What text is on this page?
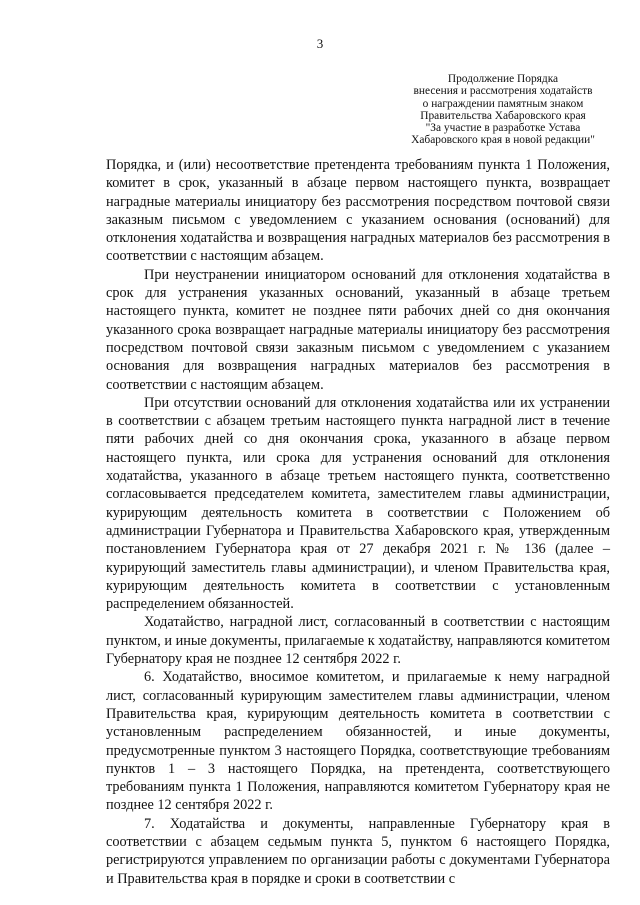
3
Продолжение Порядка
внесения и рассмотрения ходатайств
о награждении памятным знаком
Правительства Хабаровского края
"За участие в разработке Устава
Хабаровского края в новой редакции"

Порядка, и (или) несоответствие претендента требованиям пункта 1 Положения, комитет в срок, указанный в абзаце первом настоящего пункта, возвращает наградные материалы инициатору без рассмотрения посредством почтовой связи заказным письмом с уведомлением с указанием основания (оснований) для отклонения ходатайства и возвращения наградных материалов без рассмотрения в соответствии с настоящим абзацем.

При неустранении инициатором оснований для отклонения ходатайства в срок для устранения указанных оснований, указанный в абзаце третьем настоящего пункта, комитет не позднее пяти рабочих дней со дня окончания указанного срока возвращает наградные материалы инициатору без рассмотрения посредством почтовой связи заказным письмом с уведомлением с указанием основания для возвращения наградных материалов без рассмотрения в соответствии с настоящим абзацем.

При отсутствии оснований для отклонения ходатайства или их устранении в соответствии с абзацем третьим настоящего пункта наградной лист в течение пяти рабочих дней со дня окончания срока, указанного в абзаце первом настоящего пункта, или срока для устранения оснований для отклонения ходатайства, указанного в абзаце третьем настоящего пункта, соответственно согласовывается председателем комитета, заместителем главы администрации, курирующим деятельность комитета в соответствии с Положением об администрации Губернатора и Правительства Хабаровского края, утвержденным постановлением Губернатора края от 27 декабря 2021 г. № 136 (далее – курирующий заместитель главы администрации), и членом Правительства края, курирующим деятельность комитета в соответствии с установленным распределением обязанностей.

Ходатайство, наградной лист, согласованный в соответствии с настоящим пунктом, и иные документы, прилагаемые к ходатайству, направляются комитетом Губернатору края не позднее 12 сентября 2022 г.

6. Ходатайство, вносимое комитетом, и прилагаемые к нему наградной лист, согласованный курирующим заместителем главы администрации, членом Правительства края, курирующим деятельность комитета в соответствии с установленным распределением обязанностей, и иные документы, предусмотренные пунктом 3 настоящего Порядка, соответствующие требованиям пунктов 1 – 3 настоящего Порядка, на претендента, соответствующего требованиям пункта 1 Положения, направляются комитетом Губернатору края не позднее 12 сентября 2022 г.

7. Ходатайства и документы, направленные Губернатору края в соответствии с абзацем седьмым пункта 5, пунктом 6 настоящего Порядка, регистрируются управлением по организации работы с документами Губернатора и Правительства края в порядке и сроки в соответствии с
